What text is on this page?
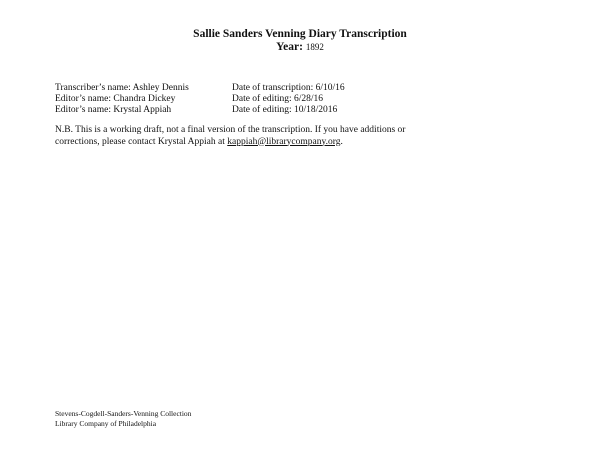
Sallie Sanders Venning Diary Transcription
Year: 1892
Transcriber’s name: Ashley Dennis	Date of transcription: 6/10/16
Editor’s name: Chandra Dickey	Date of editing: 6/28/16
Editor’s name: Krystal Appiah	Date of editing: 10/18/2016
N.B. This is a working draft, not a final version of the transcription. If you have additions or
corrections, please contact Krystal Appiah at kappiah@librarycompany.org.
Stevens-Cogdell-Sanders-Venning Collection
Library Company of Philadelphia
